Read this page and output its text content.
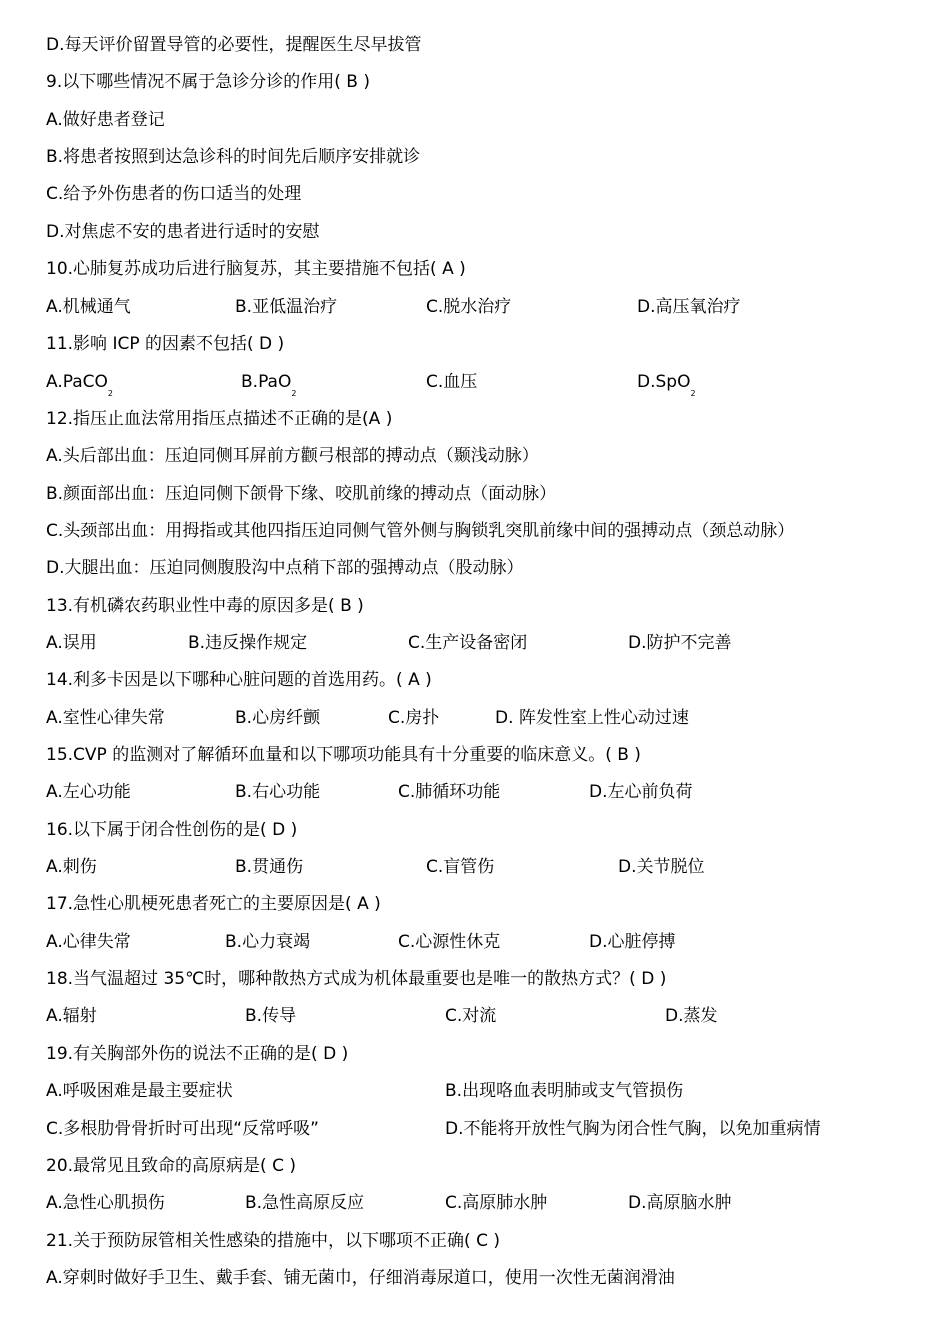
D.每天评价留置导管的必要性，提醒医生尽早拔管
9.以下哪些情况不属于急诊分诊的作用( B )
A.做好患者登记
B.将患者按照到达急诊科的时间先后顺序安排就诊
C.给予外伤患者的伤口适当的处理
D.对焦虑不安的患者进行适时的安慰
10.心肺复苏成功后进行脑复苏，其主要措施不包括( A )
A.机械通气	B.亚低温治疗	C.脱水治疗	D.高压氧治疗
11.影响 ICP 的因素不包括( D )
A.PaCO$_2$
B.PaO$_2$
C.血压	D.SpO$_2$
12.指压止血法常用指压点描述不正确的是(A )
A.头后部出血：压迫同侧耳屏前方颧弓根部的搏动点（颞浅动脉）
B.颜面部出血：压迫同侧下颌骨下缘、咬肌前缘的搏动点（面动脉）
C.头颈部出血：用拇指或其他四指压迫同侧气管外侧与胸锁乳突肌前缘中间的强搏动点（颈总动脉）
D.大腿出血：压迫同侧腹股沟中点稍下部的强搏动点（股动脉）
13.有机磷农药职业性中毒的原因多是( B )
A.误用	B.违反操作规定	C.生产设备密闭	D.防护不完善
14.利多卡因是以下哪种心脏问题的首选用药。( A )
A.室性心律失常	B.心房纤颤	C.房扑	D. 阵发性室上性心动过速
15.CVP 的监测对了解循环血量和以下哪项功能具有十分重要的临床意义。( B )
A.左心功能	B.右心功能	C.肺循环功能	D.左心前负荷
16.以下属于闭合性创伤的是( D )
A.刺伤	B.贯通伤	C.盲管伤	D.关节脱位
17.急性心肌梗死患者死亡的主要原因是( A )
A.心律失常	B.心力衰竭	C.心源性休克	D.心脏停搏
18.当气温超过 35℃时，哪种散热方式成为机体最重要也是唯一的散热方式？( D )
A.辐射	B.传导	C.对流	D.蒸发
19.有关胸部外伤的说法不正确的是( D )
A.呼吸困难是最主要症状	B.出现咯血表明肺或支气管损伤
C.多根肋骨骨折时可出现“反常呼吸”	D.不能将开放性气胸为闭合性气胸，以免加重病情
20.最常见且致命的高原病是( C )
A.急性心肌损伤	B.急性高原反应	C.高原肺水肿	D.高原脑水肿
21.关于预防尿管相关性感染的措施中，以下哪项不正确( C )
A.穿刺时做好手卫生、戴手套、铺无菌巾，仔细消毒尿道口，使用一次性无菌润滑油
